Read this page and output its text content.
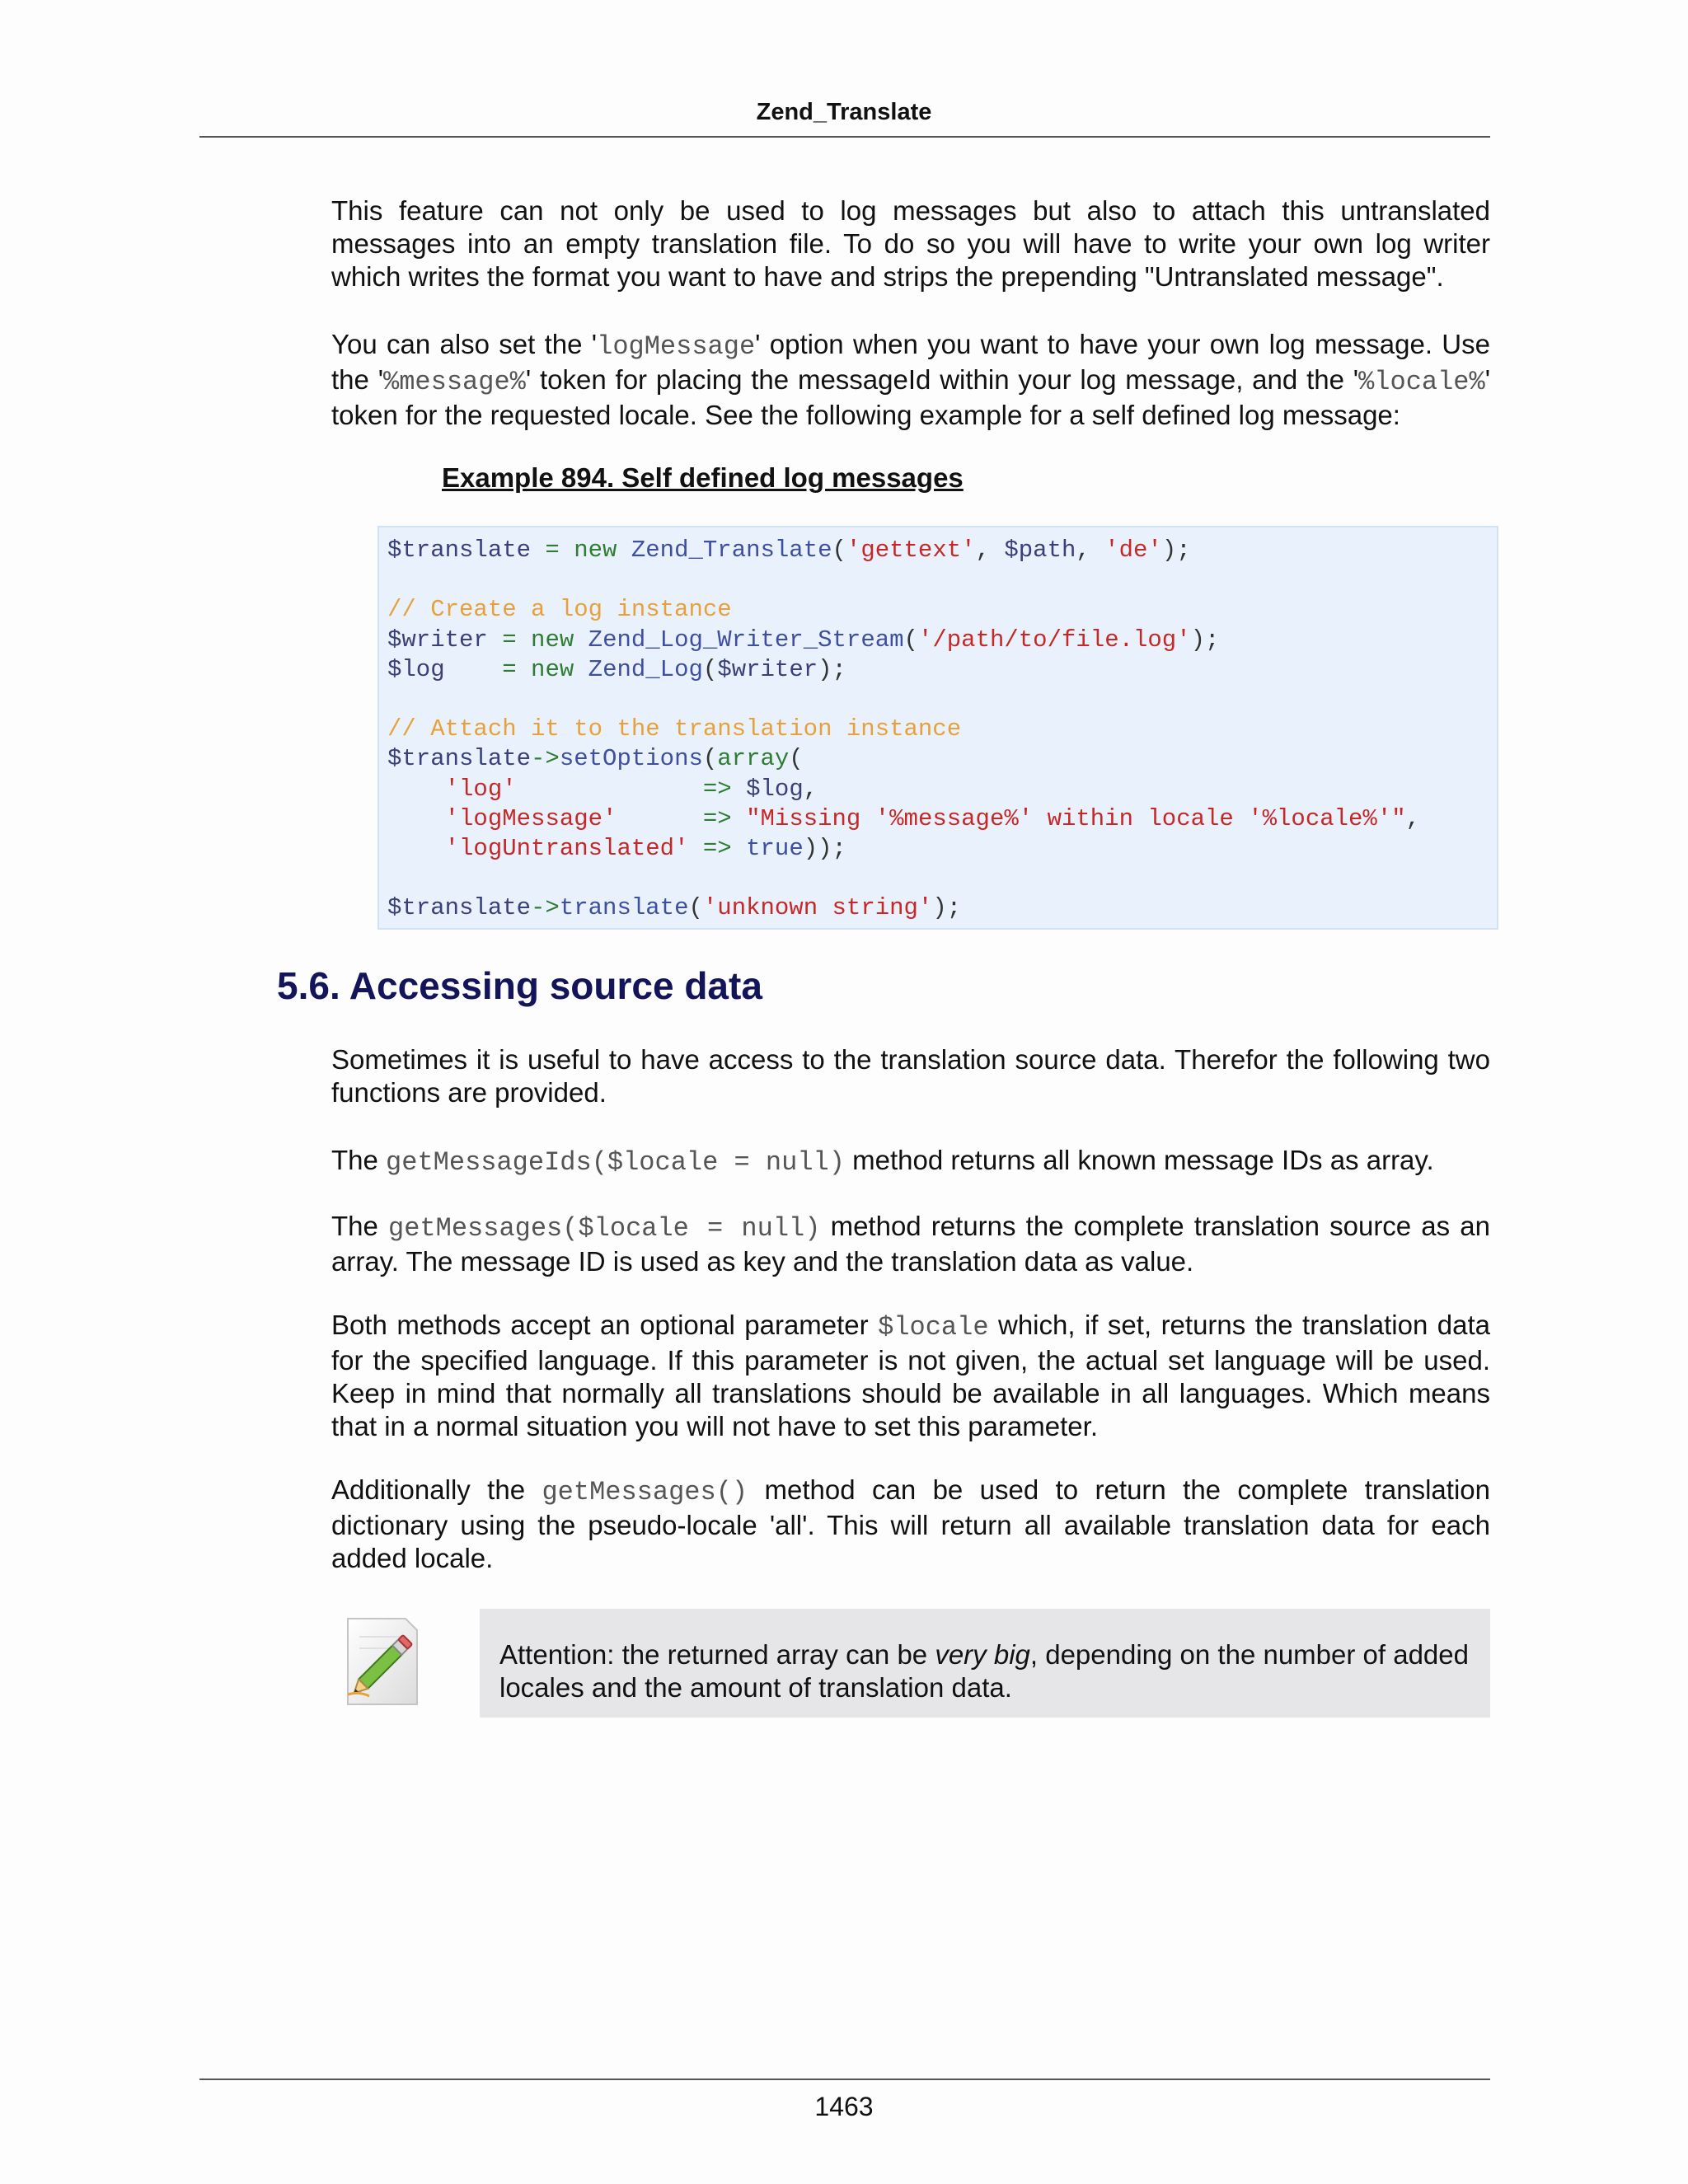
Zend_Translate

This feature can not only be used to log messages but also to attach this untranslated messages into an empty translation file. To do so you will have to write your own log writer which writes the format you want to have and strips the prepending "Untranslated message".

You can also set the 'logMessage' option when you want to have your own log message. Use the '%message%' token for placing the messageId within your log message, and the '%locale%' token for the requested locale. See the following example for a self defined log message:

Example 894. Self defined log messages
$translate = new Zend_Translate('gettext', $path, 'de');

// Create a log instance
$writer = new Zend_Log_Writer_Stream('/path/to/file.log');
$log    = new Zend_Log($writer);

// Attach it to the translation instance
$translate->setOptions(array(
'log'	=> $log,
'logMessage'	=> "Missing '%message%' within locale '%locale%'",
'logUntranslated' => true));

$translate->translate('unknown string');
5.6. Accessing source data

Sometimes it is useful to have access to the translation source data. Therefor the following two functions are provided.

The getMessageIds($locale = null) method returns all known message IDs as array.

The getMessages($locale = null) method returns the complete translation source as an array. The message ID is used as key and the translation data as value.

Both methods accept an optional parameter $locale which, if set, returns the translation data for the specified language. If this parameter is not given, the actual set language will be used. Keep in mind that normally all translations should be available in all languages. Which means that in a normal situation you will not have to set this parameter.

Additionally the getMessages() method can be used to return the complete translation dictionary using the pseudo-locale 'all'. This will return all available translation data for each added locale.

Attention: the returned array can be very big, depending on the number of added locales and the amount of translation data.
1463
